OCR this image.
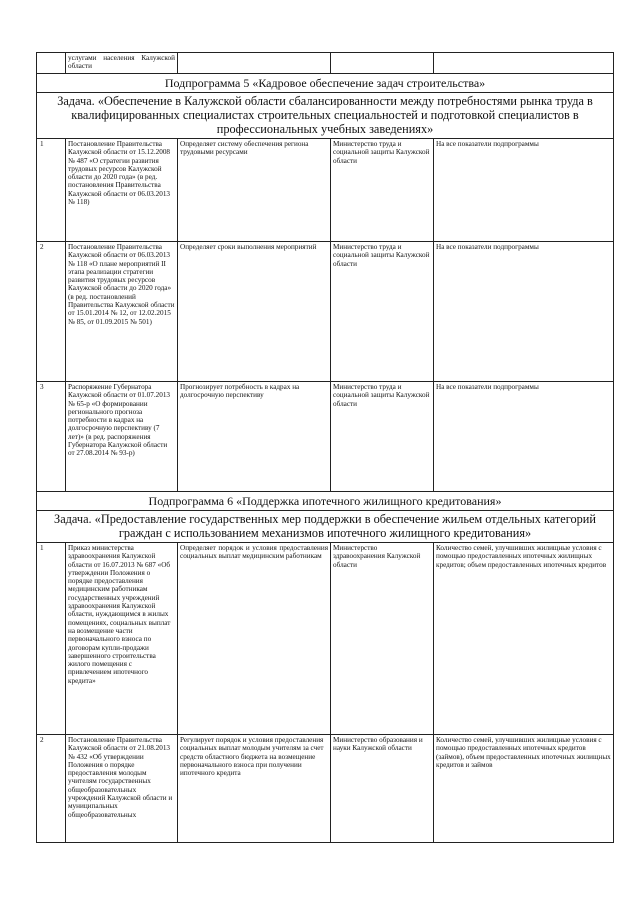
	услугами населения Калужской области			
Подпрограмма 5 «Кадровое обеспечение задач строительства»				
Задача. «Обеспечение в Калужской области сбалансированности между потребностями рынка труда в квалифицированных специалистах строительных специальностей и подготовкой специалистов в профессиональных учебных заведениях»				
1	Постановление Правительства Калужской области от 15.12.2008 № 487 «О стратегии развития трудовых ресурсов Калужской области до 2020 года» (в ред. постановления Правительства Калужской области от 06.03.2013 № 118)	Определяет систему обеспечения региона трудовыми ресурсами	Министерство труда и социальной защиты Калужской области	На все показатели подпрограммы
2	Постановление Правительства Калужской области от 06.03.2013 № 118 «О плане мероприятий II этапа реализации стратегии развития трудовых ресурсов Калужской области до 2020 года» (в ред. постановлений Правительства Калужской области от 15.01.2014 № 12, от 12.02.2015 № 85, от 01.09.2015 № 501)	Определяет сроки выполнения мероприятий	Министерство труда и социальной защиты Калужской области	На все показатели подпрограммы
3	Распоряжение Губернатора Калужской области от 01.07.2013 № 65-р «О формировании регионального прогноза потребности в кадрах на долгосрочную перспективу (7 лет)» (в ред. распоряжения Губернатора Калужской области от 27.08.2014 № 93-р)	Прогнозирует потребность в кадрах на долгосрочную перспективу	Министерство труда и социальной защиты Калужской области	На все показатели подпрограммы
Подпрограмма 6 «Поддержка ипотечного жилищного кредитования»				
Задача. «Предоставление государственных мер поддержки в обеспечение жильем отдельных категорий граждан с использованием механизмов ипотечного жилищного кредитования»				
1	Приказ министерства здравоохранения Калужской области от 16.07.2013 № 687 «Об утверждении Положения о порядке предоставления медицинским работникам государственных учреждений здравоохранения Калужской области, нуждающимся в жилых помещениях, социальных выплат на возмещение части первоначального взноса по договорам купли-продажи завершенного строительства жилого помещения с привлечением ипотечного кредита»	Определяет порядок и условия предоставления социальных выплат медицинским работникам	Министерство здравоохранения Калужской области	Количество семей, улучшивших жилищные условия с помощью предоставленных ипотечных жилищных кредитов; объем предоставленных ипотечных кредитов
2	Постановление Правительства Калужской области от 21.08.2013 № 432 «Об утверждении Положения о порядке предоставления молодым учителям государственных общеобразовательных учреждений Калужской области и муниципальных общеобразовательных	Регулирует порядок и условия предоставления социальных выплат молодым учителям за счет средств областного бюджета на возмещение первоначального взноса при получении ипотечного кредита	Министерство образования и науки Калужской области	Количество семей, улучшивших жилищные условия с помощью предоставленных ипотечных кредитов (займов), объем предоставленных ипотечных жилищных кредитов и займов
